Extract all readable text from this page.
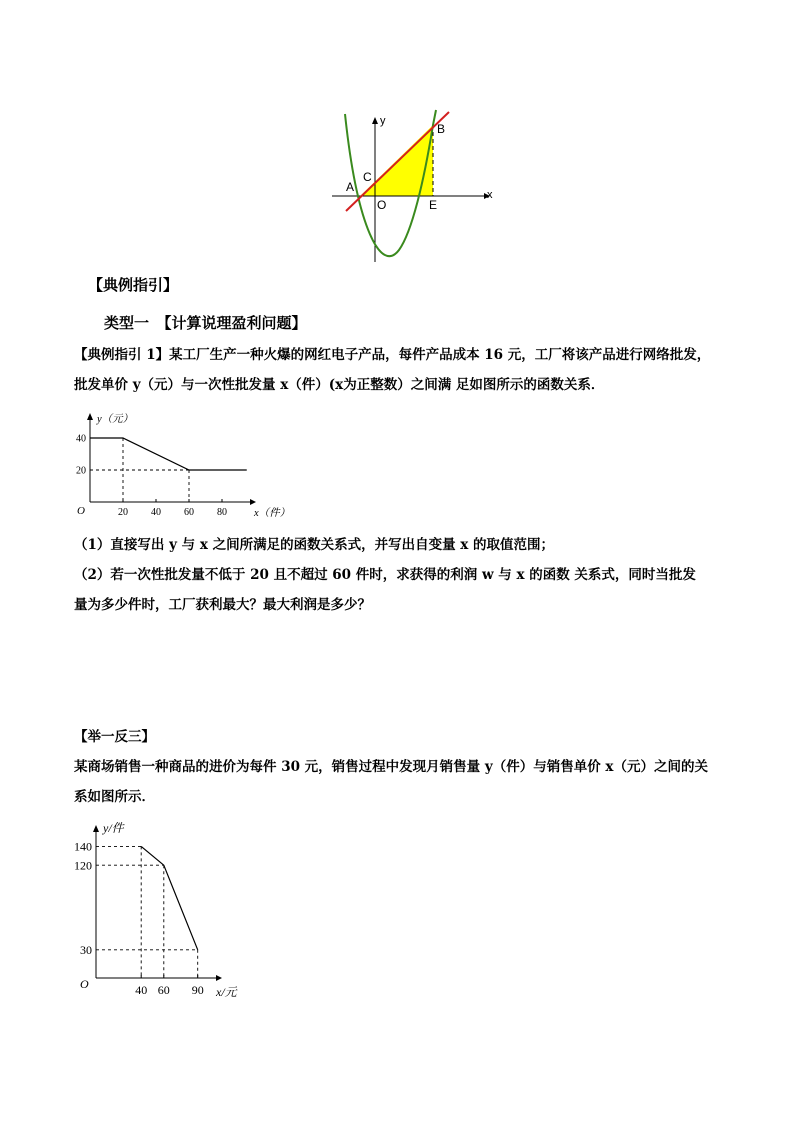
y
x
A
B
C
O	E
【典例指引】
类型一　【计算说理盈利问题】
【典例指引 1】某工厂生产一种火爆的网红电子产品，每件产品成本 16 元，工厂将该产品进行网络批发，
批发单价 y（元）与一次性批发量 x（件）(x为正整数）之间满 足如图所示的函数关系．
20 40 60 80
20
40
y（元）
x（件）
O
（1）直接写出 y 与 x 之间所满足的函数关系式，并写出自变量 x 的取值范围；
（2）若一次性批发量不低于 20 且不超过 60 件时，求获得的利润 w 与 x 的函数 关系式，同时当批发
量为多少件时，工厂获利最大？最大利润是多少？
【举一反三】
某商场销售一种商品的进价为每件 30 元，销售过程中发现月销售量 y（件）与销售单价 x（元）之间的关
系如图所示．
40 60 90
30
120
140
y/件
x/元
O
